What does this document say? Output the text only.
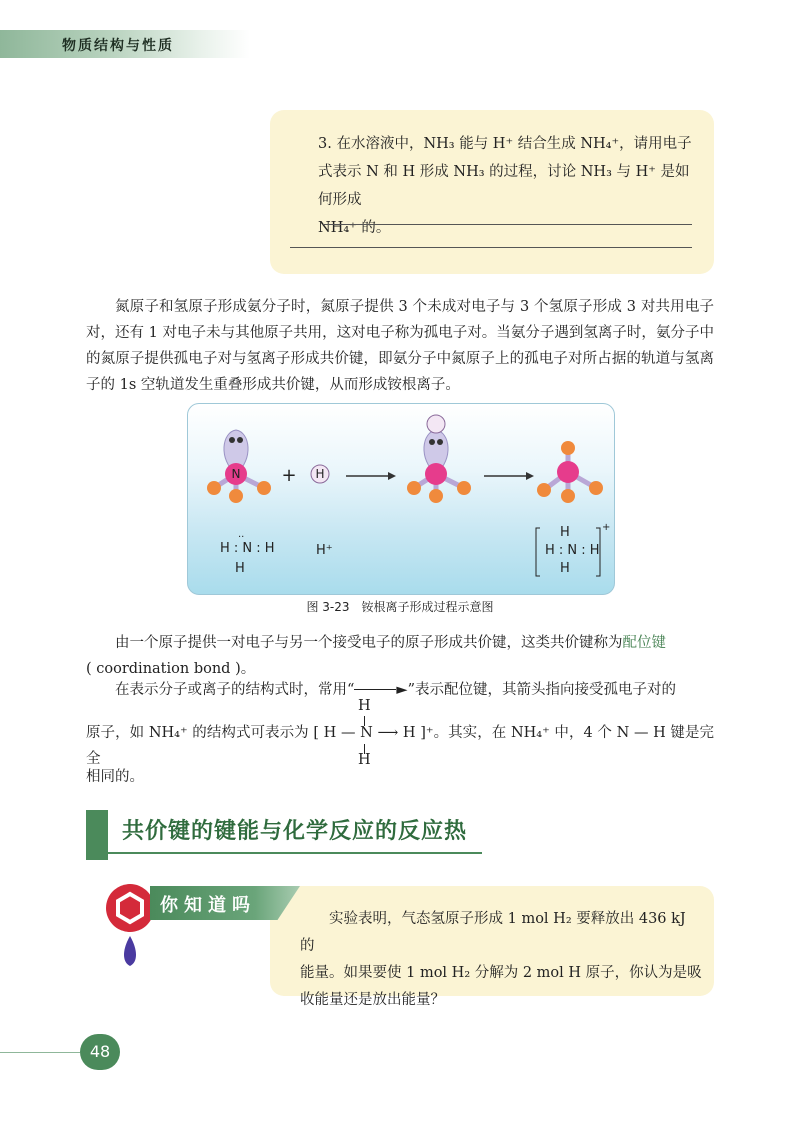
物质结构与性质
3. 在水溶液中，NH₃ 能与 H⁺ 结合生成 NH₄⁺，请用电子
式表示 N 和 H 形成 NH₃ 的过程，讨论 NH₃ 与 H⁺ 是如何形成
NH₄⁺ 的。
氮原子和氢原子形成氨分子时，氮原子提供 3 个未成对电子与 3 个氢原子形成 3 对共用电子对，还有 1 对电子未与其他原子共用，这对电子称为孤电子对。当氨分子遇到氢离子时，氨分子中的氮原子提供孤电子对与氢离子形成共价键，即氨分子中氮原子上的孤电子对所占据的轨道与氢离子的 1s 空轨道发生重叠形成共价键，从而形成铵根离子。
N + H
H : N : H
H
··
H⁺
H
H : N : H
H
+
图 3-23　铵根离子形成过程示意图
由一个原子提供一对电子与另一个接受电子的原子形成共价键，这类共价键称为配位键
( coordination bond )。
在表示分子或离子的结构式时，常用“	►”表示配位键，其箭头指向接受孤电子对的
H
原子，如 NH₄⁺ 的结构式可表示为 [ H — N ⟶ H ]⁺。其实，在 NH₄⁺ 中，4 个 N — H 键是完全	H
相同的。
共价键的键能与化学反应的反应热
你知道吗
实验表明，气态氢原子形成 1 mol H₂ 要释放出 436 kJ 的
能量。如果要使 1 mol H₂ 分解为 2 mol H 原子，你认为是吸
收能量还是放出能量？
48
